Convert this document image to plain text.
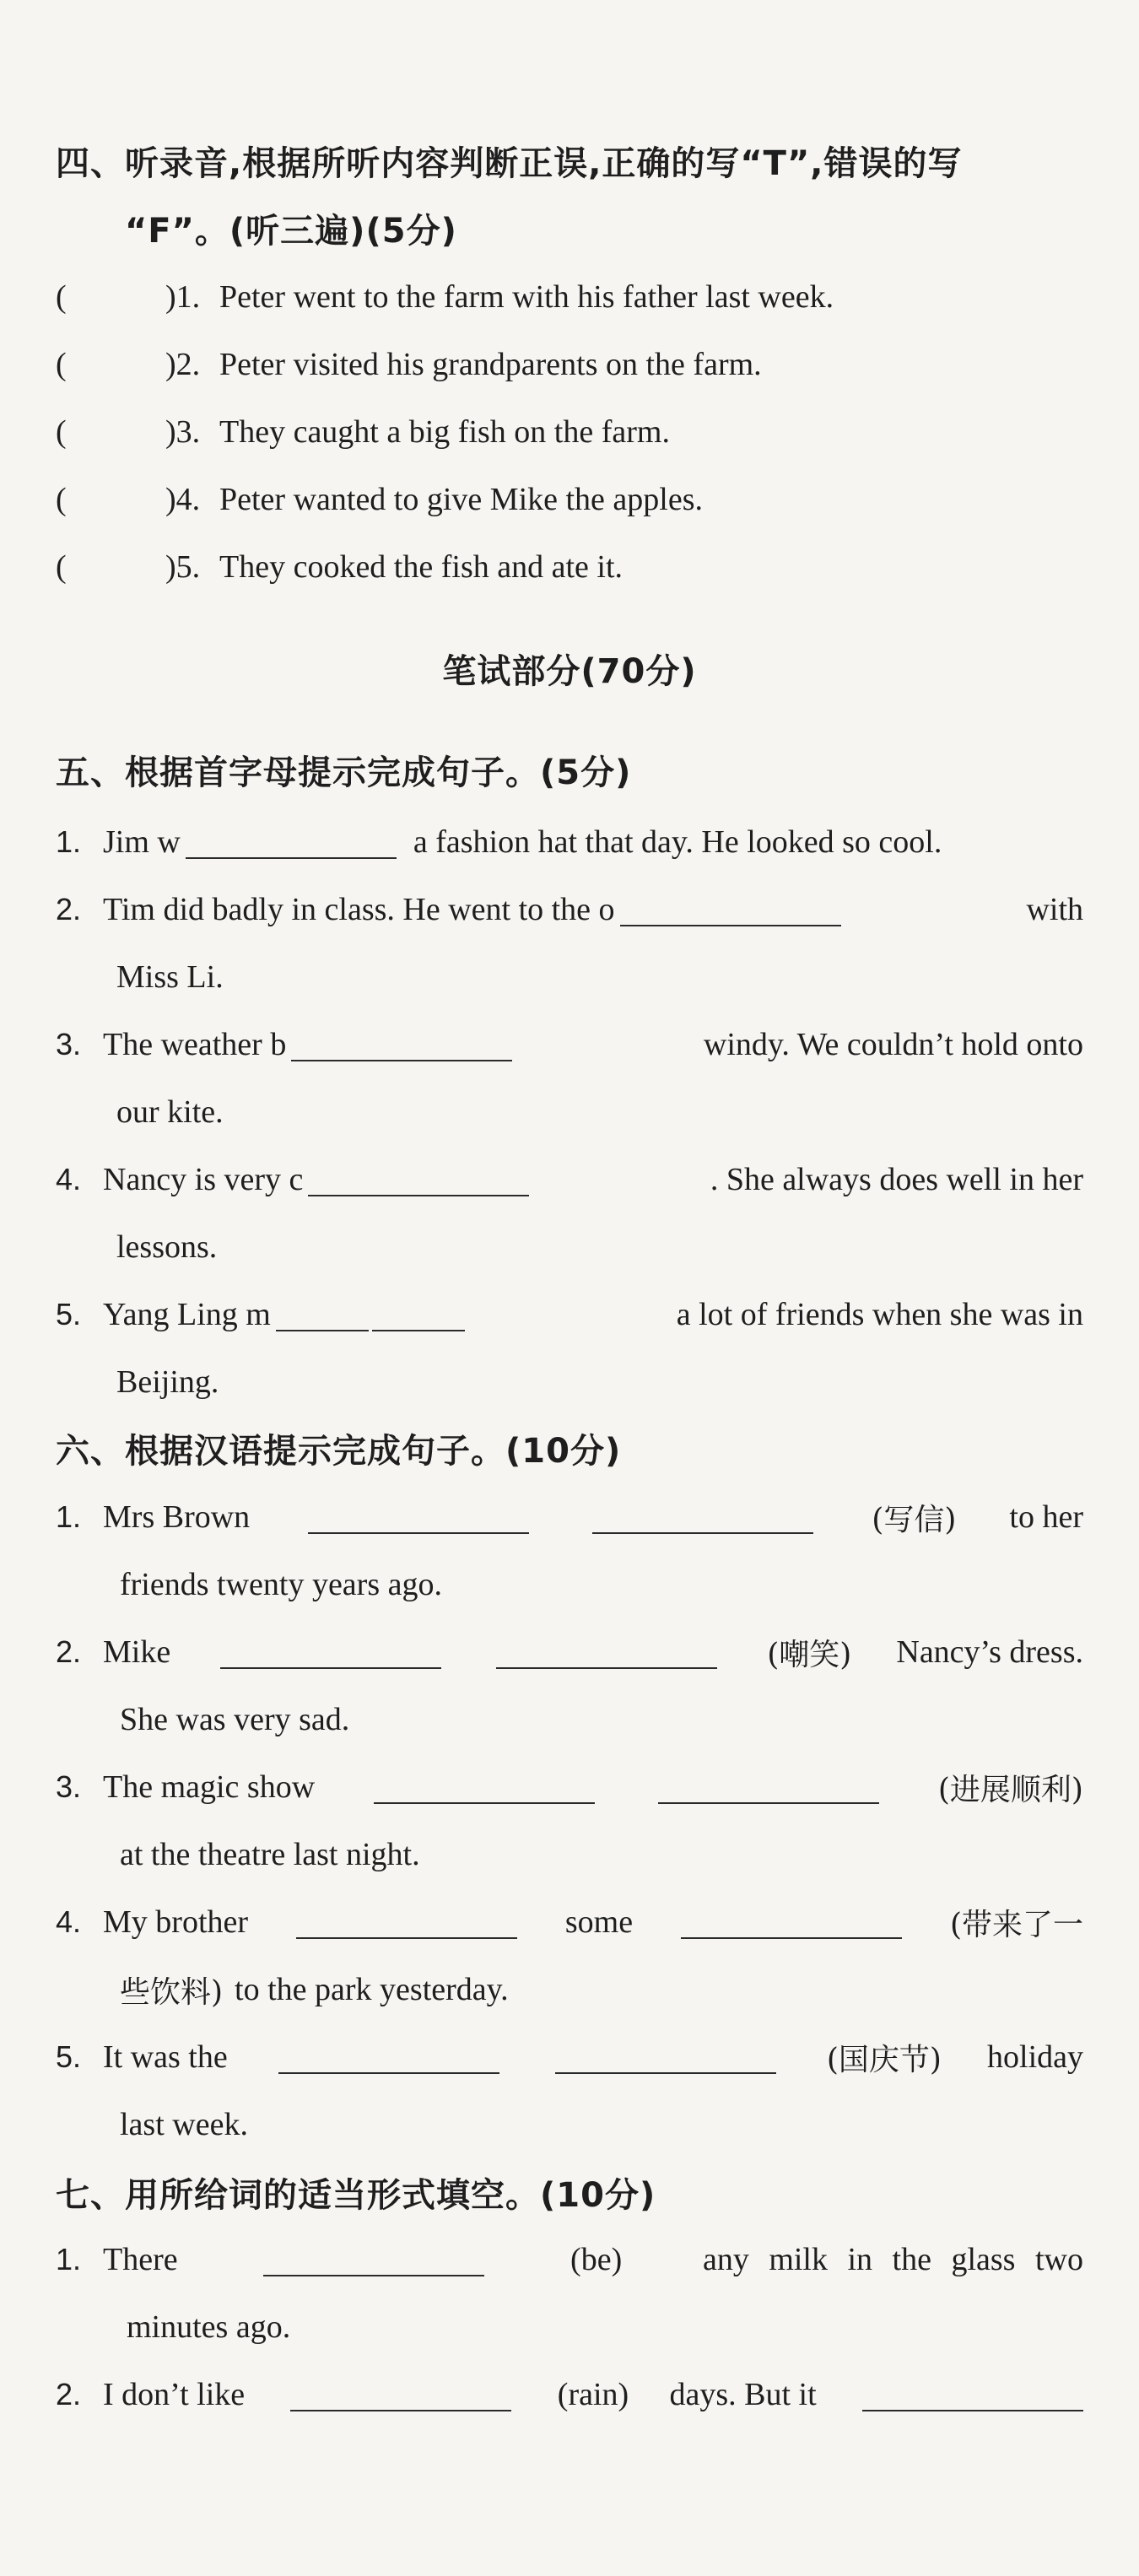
四、听录音,根据所听内容判断正误,正确的写“T”,错误的写
“F”。(听三遍)(5分)
(	)1. Peter went to the farm with his father last week.
(	)2. Peter visited his grandparents on the farm.
(	)3. They caught a big fish on the farm.
(	)4. Peter wanted to give Mike the apples.
(	)5. They cooked the fish and ate it.
笔试部分(70分)
五、根据首字母提示完成句子。(5分)
1. Jim w	a fashion hat that day. He looked so cool.
2. Tim did badly in class. He went to the o	with
Miss Li.
3. The weather b	windy. We couldn’t hold onto
our kite.
4. Nancy is very c	. She always does well in her
lessons.
5. Yang Ling m	a lot of friends when she was in
Beijing.
六、根据汉语提示完成句子。(10分)
1. Mrs Brown	(写信) to her
friends twenty years ago.
2. Mike	(嘲笑) Nancy’s dress.
She was very sad.
3. The magic show	(进展顺利)
at the theatre last night.
4. My brother	some	(带来了一
些饮料) to the park yesterday.
5. It was the	(国庆节) holiday
last week.
七、用所给词的适当形式填空。(10分)
1. There	(be)	any milk in the glass two
minutes ago.
2. I don’t like	(rain) days. But it
